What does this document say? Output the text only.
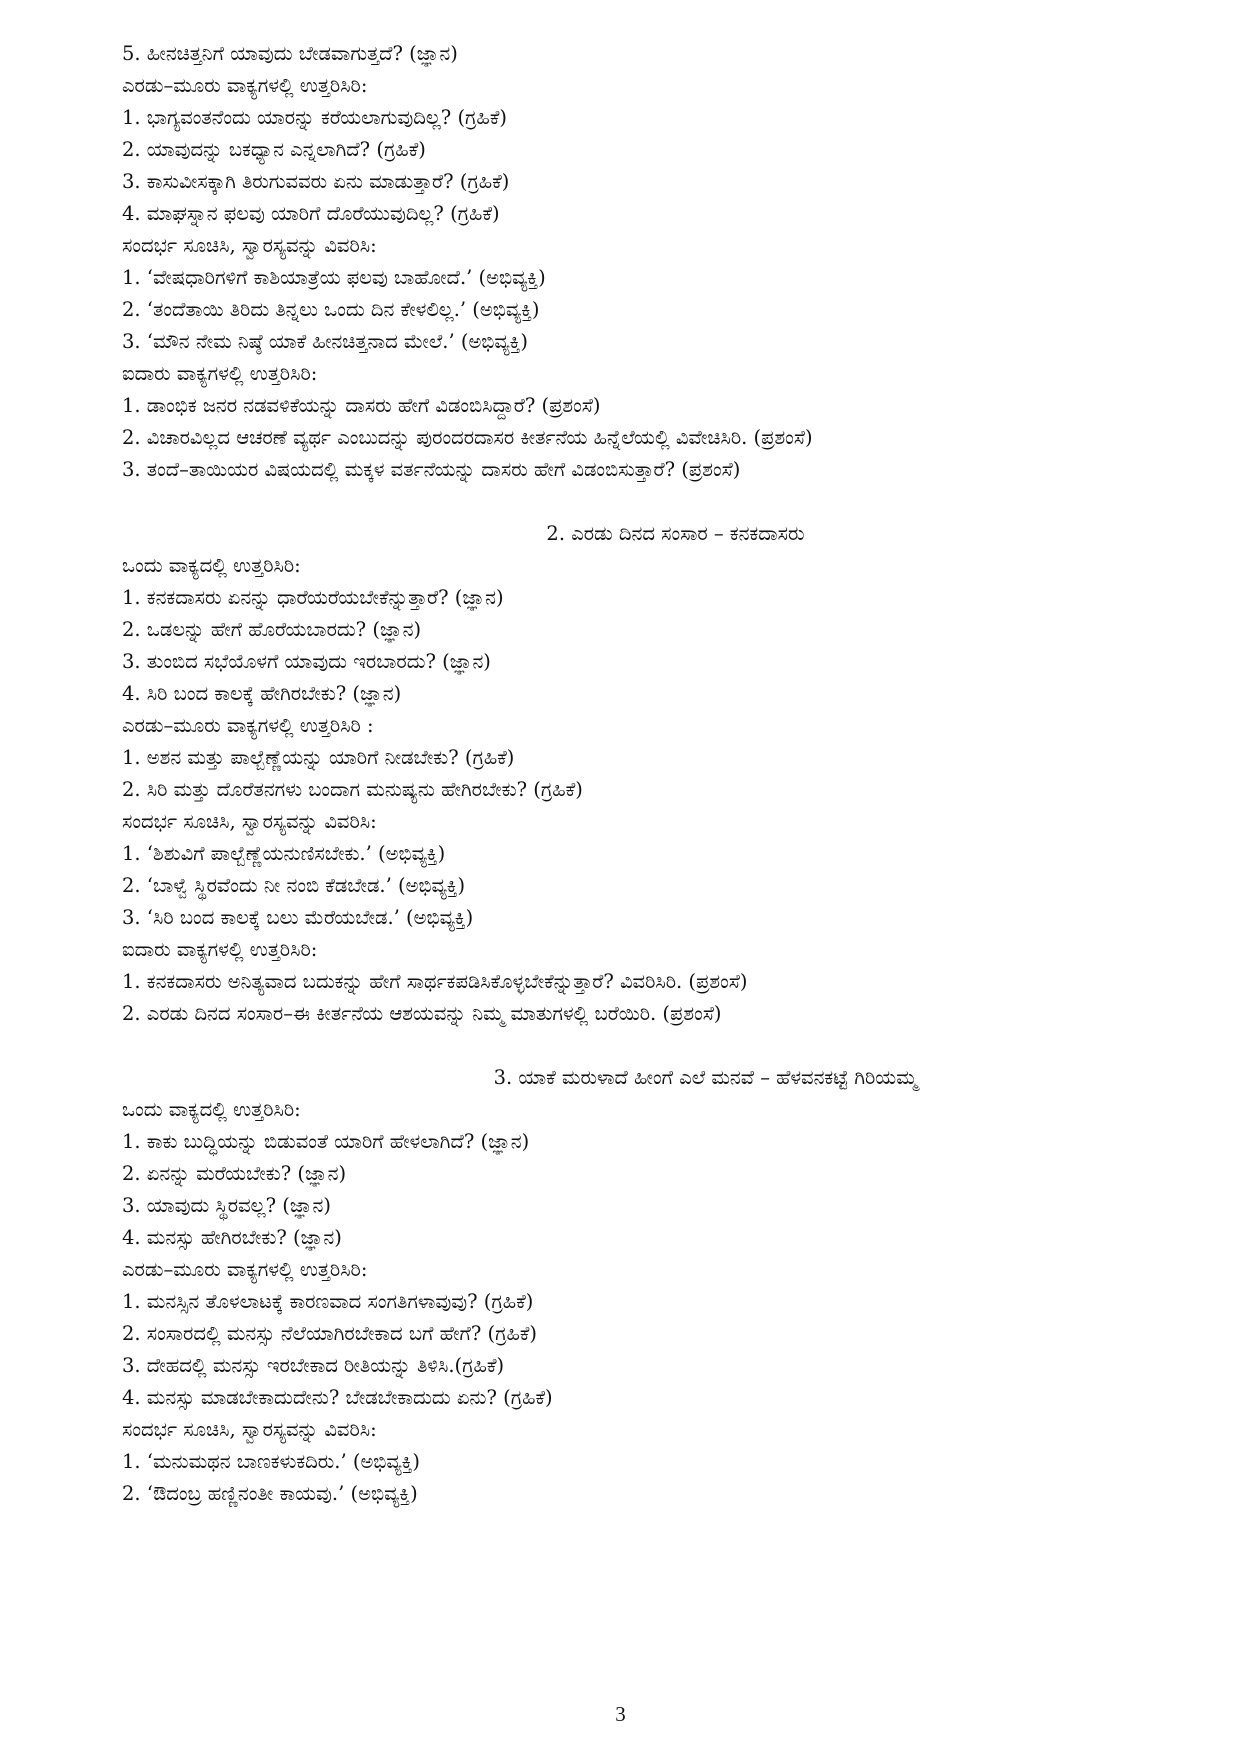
5. ಹೀನಚಿತ್ತನಿಗೆ ಯಾವುದು ಬೇಡವಾಗುತ್ತದೆ? (ಜ್ಞಾನ)
ಎರಡು–ಮೂರು ವಾಕ್ಯಗಳಲ್ಲಿ ಉತ್ತರಿಸಿರಿ:
1. ಭಾಗ್ಯವಂತನೆಂದು ಯಾರನ್ನು ಕರೆಯಲಾಗುವುದಿಲ್ಲ? (ಗ್ರಹಿಕೆ)
2. ಯಾವುದನ್ನು ಬಕಧ್ಯಾನ ಎನ್ನಲಾಗಿದೆ? (ಗ್ರಹಿಕೆ)
3. ಕಾಸುವೀಸಕ್ಕಾಗಿ ತಿರುಗುವವರು ಏನು ಮಾಡುತ್ತಾರೆ? (ಗ್ರಹಿಕೆ)
4. ಮಾಘಸ್ನಾನ ಫಲವು ಯಾರಿಗೆ ದೊರೆಯುವುದಿಲ್ಲ? (ಗ್ರಹಿಕೆ)
ಸಂದರ್ಭ ಸೂಚಿಸಿ, ಸ್ವಾರಸ್ಯವನ್ನು ವಿವರಿಸಿ:
1. ‘ವೇಷಧಾರಿಗಳಿಗೆ ಕಾಶಿಯಾತ್ರೆಯ ಫಲವು ಬಾಹೋದೆ.’ (ಅಭಿವ್ಯಕ್ತಿ)
2. ‘ತಂದೆತಾಯಿ ತಿರಿದು ತಿನ್ನಲು ಒಂದು ದಿನ ಕೇಳಲಿಲ್ಲ.’ (ಅಭಿವ್ಯಕ್ತಿ)
3. ‘ಮೌನ ನೇಮ ನಿಷ್ಠೆ ಯಾಕೆ ಹೀನಚಿತ್ತನಾದ ಮೇಲೆ.’ (ಅಭಿವ್ಯಕ್ತಿ)
ಐದಾರು ವಾಕ್ಯಗಳಲ್ಲಿ ಉತ್ತರಿಸಿರಿ:
1. ಡಾಂಭಿಕ ಜನರ ನಡವಳಿಕೆಯನ್ನು ದಾಸರು ಹೇಗೆ ವಿಡಂಬಿಸಿದ್ದಾರೆ? (ಪ್ರಶಂಸೆ)
2. ವಿಚಾರವಿಲ್ಲದ ಆಚರಣೆ ವ್ಯರ್ಥ ಎಂಬುದನ್ನು ಪುರಂದರದಾಸರ ಕೀರ್ತನೆಯ ಹಿನ್ನೆಲೆಯಲ್ಲಿ ವಿವೇಚಿಸಿರಿ. (ಪ್ರಶಂಸೆ)
3. ತಂದೆ–ತಾಯಿಯರ ವಿಷಯದಲ್ಲಿ ಮಕ್ಕಳ ವರ್ತನೆಯನ್ನು ದಾಸರು ಹೇಗೆ ವಿಡಂಬಿಸುತ್ತಾರೆ? (ಪ್ರಶಂಸೆ)
2. ಎರಡು ದಿನದ ಸಂಸಾರ – ಕನಕದಾಸರು
ಒಂದು ವಾಕ್ಯದಲ್ಲಿ ಉತ್ತರಿಸಿರಿ:
1. ಕನಕದಾಸರು ಏನನ್ನು ಧಾರೆಯರೆಯಬೇಕೆನ್ನುತ್ತಾರೆ? (ಜ್ಞಾನ)
2. ಒಡಲನ್ನು ಹೇಗೆ ಹೊರೆಯಬಾರದು? (ಜ್ಞಾನ)
3. ತುಂಬಿದ ಸಭೆಯೊಳಗೆ ಯಾವುದು ಇರಬಾರದು? (ಜ್ಞಾನ)
4. ಸಿರಿ ಬಂದ ಕಾಲಕ್ಕೆ ಹೇಗಿರಬೇಕು? (ಜ್ಞಾನ)
ಎರಡು–ಮೂರು ವಾಕ್ಯಗಳಲ್ಲಿ ಉತ್ತರಿಸಿರಿ :
1. ಅಶನ ಮತ್ತು ಪಾಲ್ಬೆಣ್ಣೆಯನ್ನು ಯಾರಿಗೆ ನೀಡಬೇಕು? (ಗ್ರಹಿಕೆ)
2. ಸಿರಿ ಮತ್ತು ದೊರೆತನಗಳು ಬಂದಾಗ ಮನುಷ್ಯನು ಹೇಗಿರಬೇಕು? (ಗ್ರಹಿಕೆ)
ಸಂದರ್ಭ ಸೂಚಿಸಿ, ಸ್ವಾರಸ್ಯವನ್ನು ವಿವರಿಸಿ:
1. ‘ಶಿಶುವಿಗೆ ಪಾಲ್ಬೆಣ್ಣೆಯನುಣಿಸಬೇಕು.’ (ಅಭಿವ್ಯಕ್ತಿ)
2. ‘ಬಾಳ್ವೆ ಸ್ಥಿರವೆಂದು ನೀ ನಂಬಿ ಕೆಡಬೇಡ.’ (ಅಭಿವ್ಯಕ್ತಿ)
3. ‘ಸಿರಿ ಬಂದ ಕಾಲಕ್ಕೆ ಬಲು ಮೆರೆಯಬೇಡ.’ (ಅಭಿವ್ಯಕ್ತಿ)
ಐದಾರು ವಾಕ್ಯಗಳಲ್ಲಿ ಉತ್ತರಿಸಿರಿ:
1. ಕನಕದಾಸರು ಅನಿತ್ಯವಾದ ಬದುಕನ್ನು ಹೇಗೆ ಸಾರ್ಥಕಪಡಿಸಿಕೊಳ್ಳಬೇಕೆನ್ನುತ್ತಾರೆ? ವಿವರಿಸಿರಿ. (ಪ್ರಶಂಸೆ)
2. ಎರಡು ದಿನದ ಸಂಸಾರ–ಈ ಕೀರ್ತನೆಯ ಆಶಯವನ್ನು ನಿಮ್ಮ ಮಾತುಗಳಲ್ಲಿ ಬರೆಯಿರಿ. (ಪ್ರಶಂಸೆ)
3. ಯಾಕೆ ಮರುಳಾದೆ ಹೀಂಗೆ ಎಲೆ ಮನವೆ – ಹೆಳವನಕಟ್ಟೆ ಗಿರಿಯಮ್ಮ
ಒಂದು ವಾಕ್ಯದಲ್ಲಿ ಉತ್ತರಿಸಿರಿ:
1. ಕಾಕು ಬುದ್ಧಿಯನ್ನು ಬಿಡುವಂತೆ ಯಾರಿಗೆ ಹೇಳಲಾಗಿದೆ? (ಜ್ಞಾನ)
2. ಏನನ್ನು ಮರೆಯಬೇಕು? (ಜ್ಞಾನ)
3. ಯಾವುದು ಸ್ಥಿರವಲ್ಲ? (ಜ್ಞಾನ)
4. ಮನಸ್ಸು ಹೇಗಿರಬೇಕು? (ಜ್ಞಾನ)
ಎರಡು–ಮೂರು ವಾಕ್ಯಗಳಲ್ಲಿ ಉತ್ತರಿಸಿರಿ:
1. ಮನಸ್ಸಿನ ತೊಳಲಾಟಕ್ಕೆ ಕಾರಣವಾದ ಸಂಗತಿಗಳಾವುವು? (ಗ್ರಹಿಕೆ)
2. ಸಂಸಾರದಲ್ಲಿ ಮನಸ್ಸು ನೆಲೆಯಾಗಿರಬೇಕಾದ ಬಗೆ ಹೇಗೆ? (ಗ್ರಹಿಕೆ)
3. ದೇಹದಲ್ಲಿ ಮನಸ್ಸು ಇರಬೇಕಾದ ರೀತಿಯನ್ನು ತಿಳಿಸಿ.(ಗ್ರಹಿಕೆ)
4. ಮನಸ್ಸು ಮಾಡಬೇಕಾದುದೇನು? ಬೇಡಬೇಕಾದುದು ಏನು? (ಗ್ರಹಿಕೆ)
ಸಂದರ್ಭ ಸೂಚಿಸಿ, ಸ್ವಾರಸ್ಯವನ್ನು ವಿವರಿಸಿ:
1. ‘ಮನುಮಥನ ಬಾಣಕಳುಕದಿರು.’ (ಅಭಿವ್ಯಕ್ತಿ)
2. ‘ಔದಂಬ್ರ ಹಣ್ಣಿನಂತೀ ಕಾಯವು.’ (ಅಭಿವ್ಯಕ್ತಿ)
3
